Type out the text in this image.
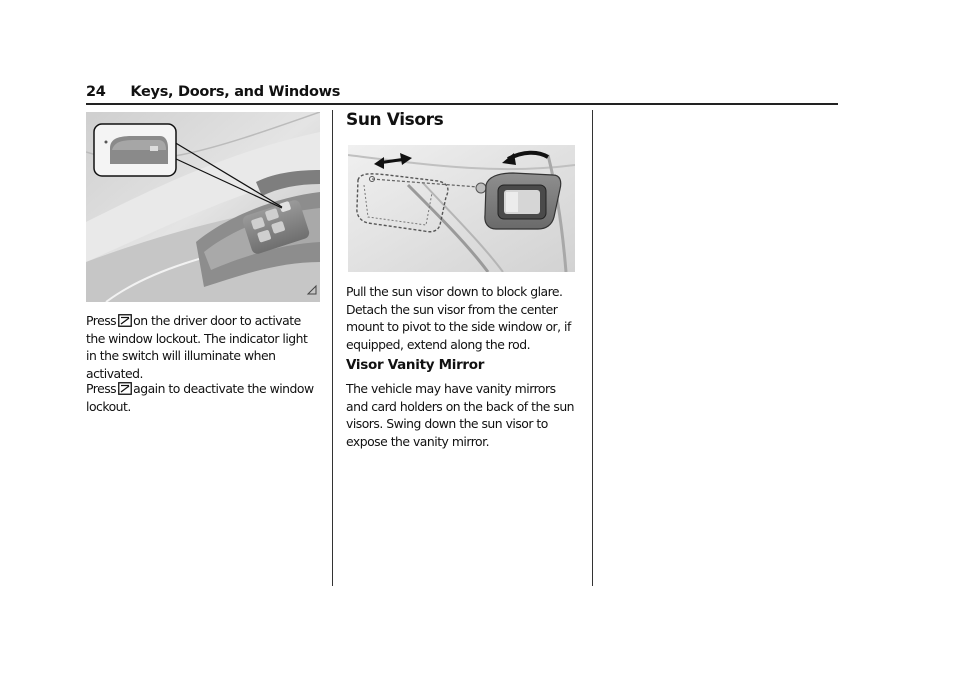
24 Keys, Doors, and Windows

Press on the driver door to activate the window lockout. The indicator light in the switch will illuminate when activated.

Press again to deactivate the window lockout.

Sun Visors

Pull the sun visor down to block glare. Detach the sun visor from the center mount to pivot to the side window or, if equipped, extend along the rod.

Visor Vanity Mirror

The vehicle may have vanity mirrors and card holders on the back of the sun visors. Swing down the sun visor to expose the vanity mirror.
